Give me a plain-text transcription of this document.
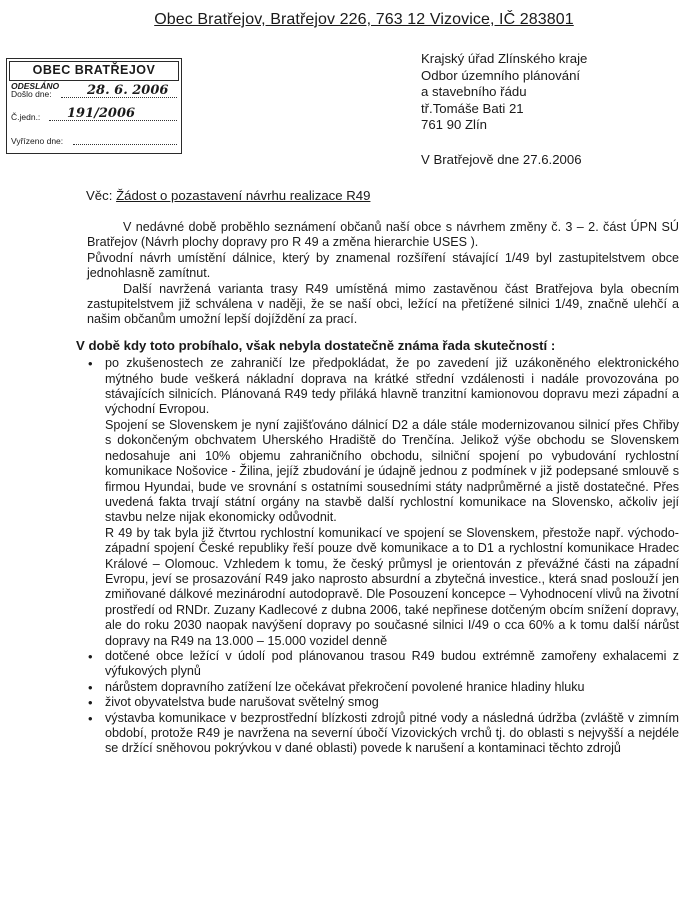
Obec Bratřejov, Bratřejov 226, 763 12 Vizovice, IČ 283801
OBEC BRATŘEJOV
ODESLÁNO
Došlo dne:	28. 6. 2006
Č.jedn.: 191/2006
Vyřízeno dne:
Krajský úřad Zlínského kraje
Odbor územního plánování
a stavebního řádu
tř.Tomáše Bati 21
761 90 Zlín
V Bratřejově dne 27.6.2006
Věc: Žádost o pozastavení návrhu realizace R49

V nedávné době proběhlo seznámení občanů naší obce s návrhem změny č. 3 – 2. část ÚPN SÚ Bratřejov (Návrh plochy dopravy pro R 49 a změna hierarchie USES ).

Původní návrh umístění dálnice, který by znamenal rozšíření stávající 1/49 byl zastupitelstvem obce jednohlasně zamítnut.

Další navržená varianta trasy R49 umístěná mimo zastavěnou část Bratřejova byla obecním zastupitelstvem již schválena v naději, že se naší obci, ležící na přetížené silnici 1/49, značně ulehčí a našim občanům umožní lepší dojíždění za prací.

V době kdy toto probíhalo, však nebyla dostatečně známa řada skutečností :

• po zkušenostech ze zahraničí lze předpokládat, že po zavedení již uzákoněného elektronického mýtného bude veškerá nákladní doprava na krátké střední vzdálenosti i nadále provozována po stávajících silnicích. Plánovaná R49 tedy přiláká hlavně tranzitní kamionovou dopravu mezi západní a východní Evropou.

Spojení se Slovenskem je nyní zajišťováno dálnicí D2 a dále stále modernizovanou silnicí přes Chřiby s dokončeným obchvatem Uherského Hradiště do Trenčína. Jelikož výše obchodu se Slovenskem nedosahuje ani 10% objemu zahraničního obchodu, silniční spojení po vybudování rychlostní komunikace Nošovice - Žilina, jejíž zbudování je údajně jednou z podmínek v již podepsané smlouvě s firmou Hyundai, bude ve srovnání s ostatními sousedními státy nadprůměrné a jistě dostatečné. Přes uvedená fakta trvají státní orgány na stavbě další rychlostní komunikace na Slovensko, ačkoliv její stavbu nelze nijak ekonomicky odůvodnit.

R 49 by tak byla již čtvrtou rychlostní komunikací ve spojení se Slovenskem, přestože např. východo-západní spojení České republiky řeší pouze dvě komunikace a to D1 a rychlostní komunikace Hradec Králové – Olomouc. Vzhledem k tomu, že český průmysl je orientován z převážné části na západní Evropu, jeví se prosazování R49 jako naprosto absurdní a zbytečná investice., která snad poslouží jen zmiňované dálkové mezinárodní autodopravě. Dle Posouzení koncepce – Vyhodnocení vlivů na životní prostředí od RNDr. Zuzany Kadlecové z dubna 2006, také nepřinese dotčeným obcím snížení dopravy, ale do roku 2030 naopak navýšení dopravy po současné silnici I/49 o cca 60% a k tomu další nárůst dopravy na R49 na 13.000 – 15.000 vozidel denně

• dotčené obce ležící v údolí pod plánovanou trasou R49 budou extrémně zamořeny exhalacemi z výfukových plynů

• nárůstem dopravního zatížení lze očekávat překročení povolené hranice hladiny hluku

• život obyvatelstva bude narušovat světelný smog

• výstavba komunikace v bezprostřední blízkosti zdrojů pitné vody a následná údržba (zvláště v zimním období, protože R49 je navržena na severní úbočí Vizovických vrchů tj. do oblasti s nejvyšší a nejdéle se držící sněhovou pokrývkou v dané oblasti) povede k narušení a kontaminaci těchto zdrojů
